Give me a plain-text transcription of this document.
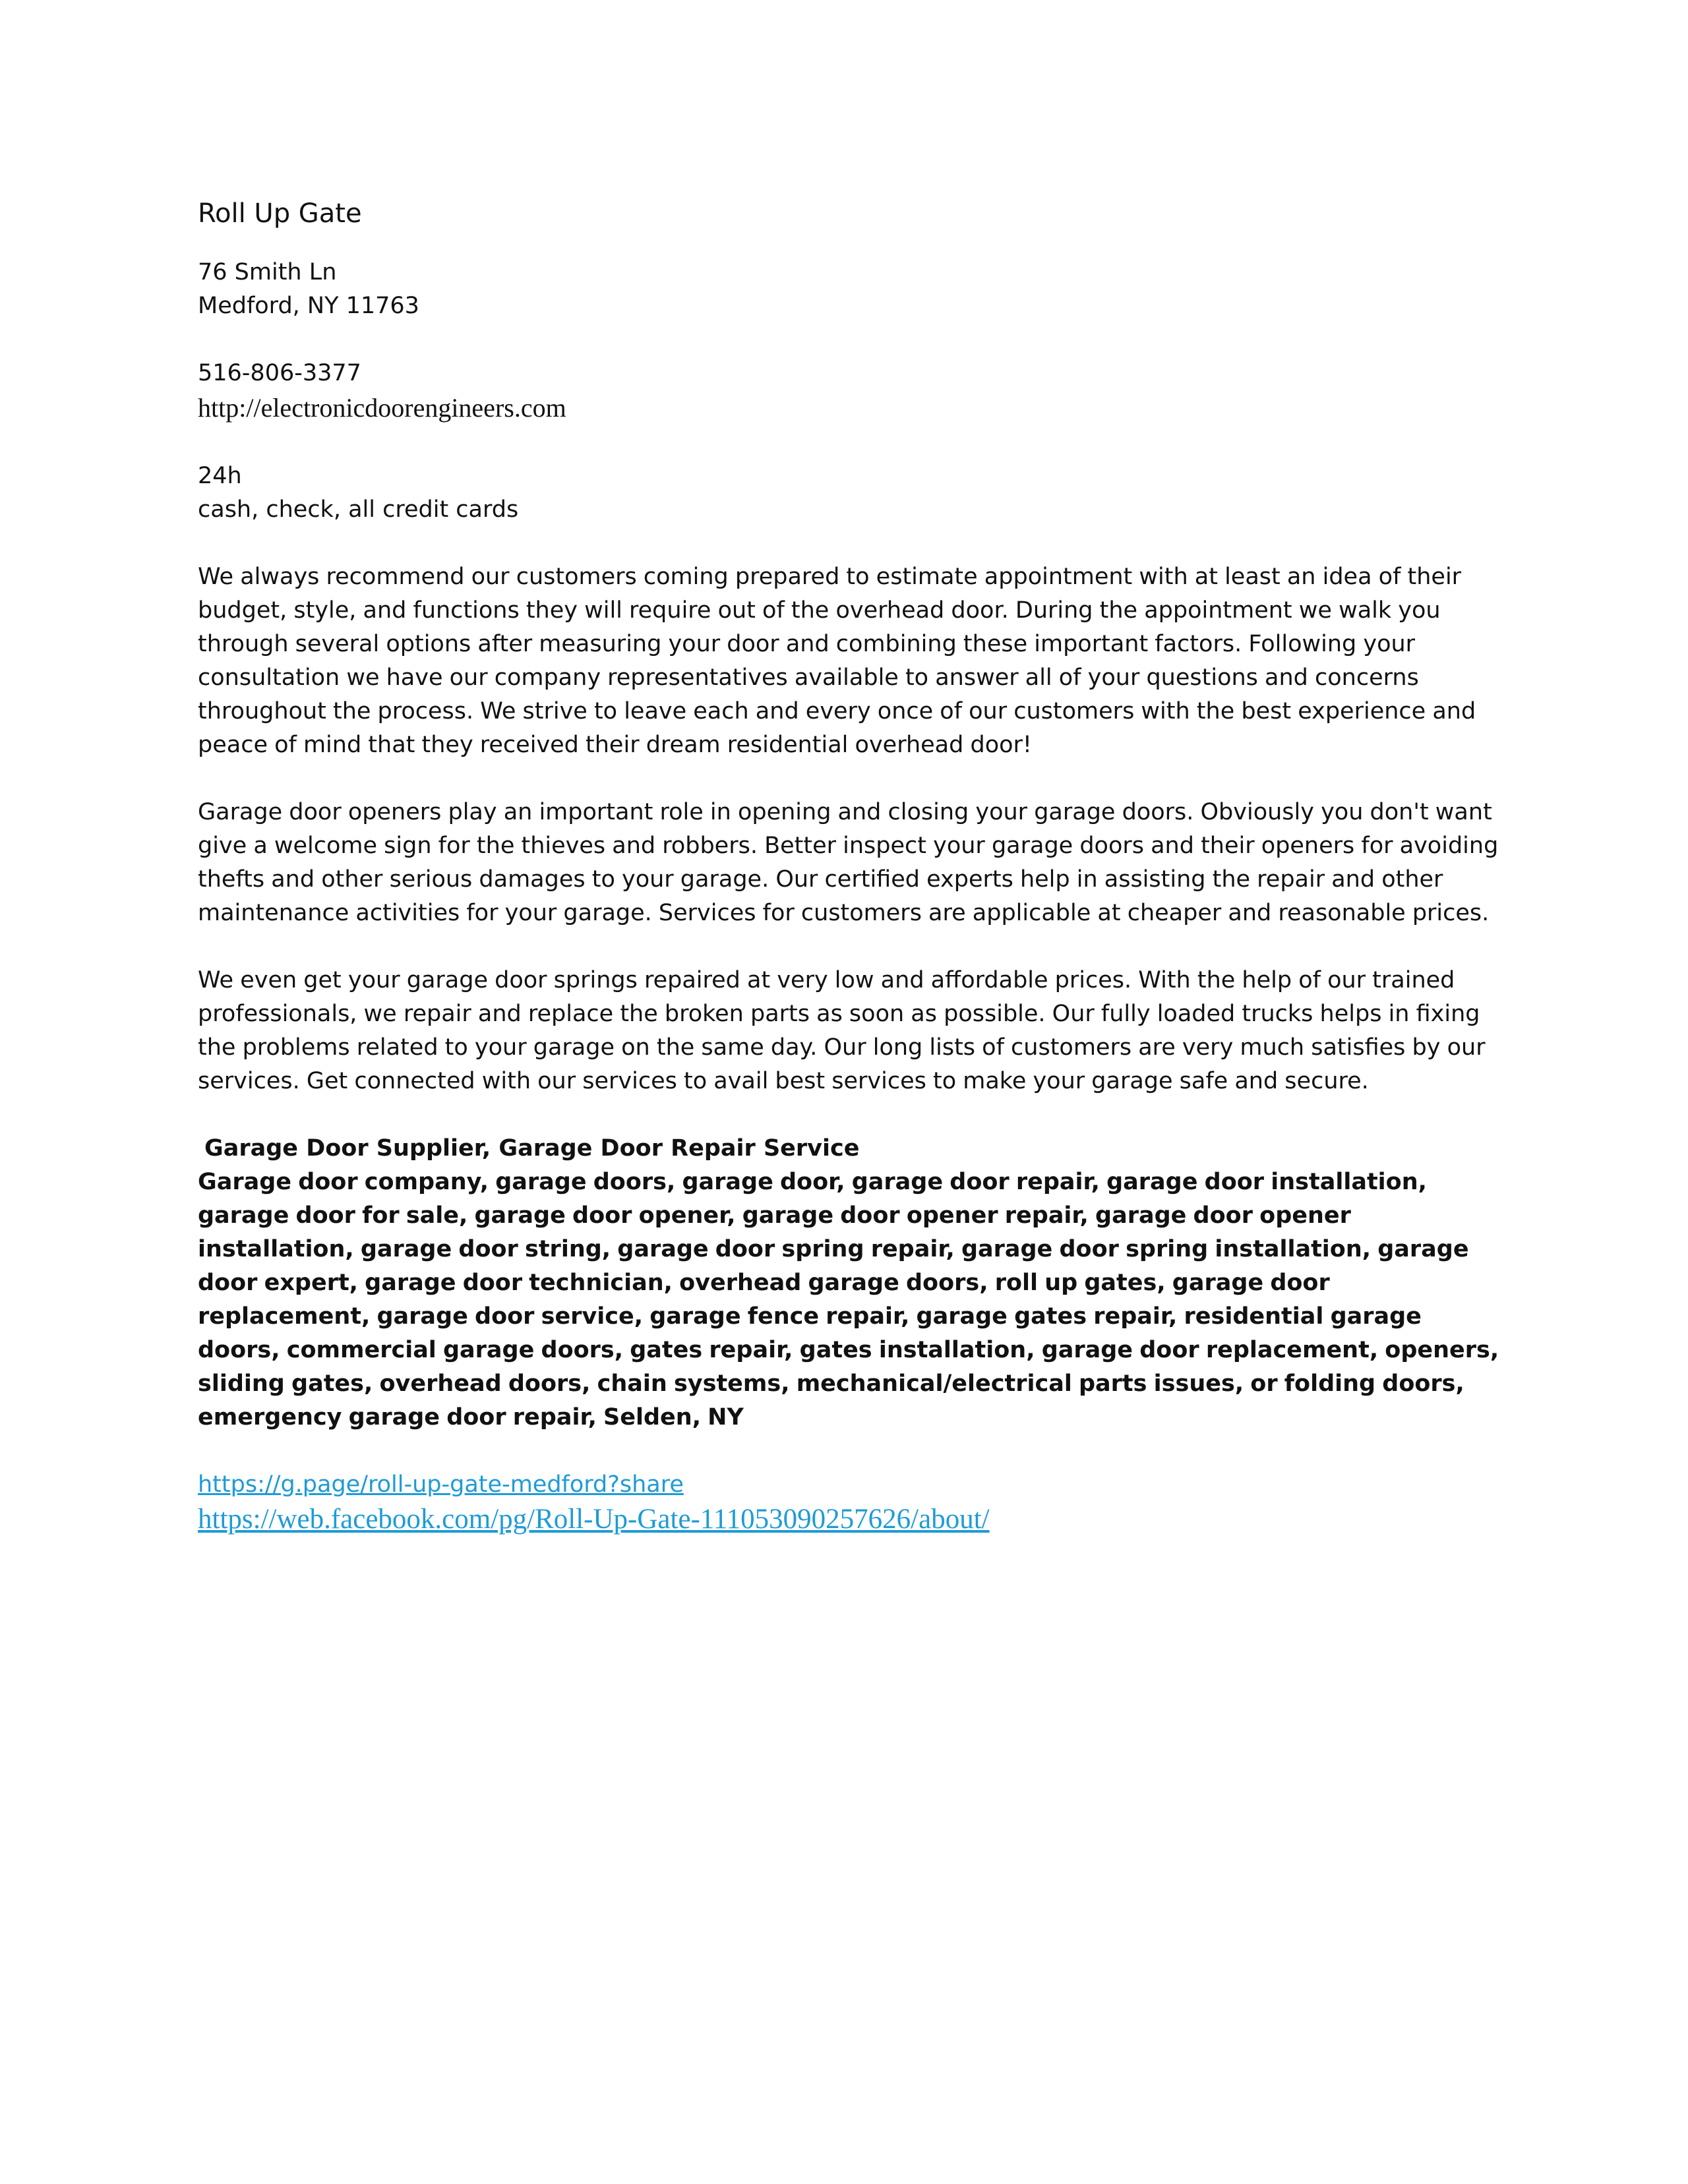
Roll Up Gate
76 Smith Ln
Medford, NY 11763
516-806-3377
http://electronicdoorengineers.com
24h
cash, check, all credit cards

We always recommend our customers coming prepared to estimate appointment with at least an idea of their budget, style, and functions they will require out of the overhead door. During the appointment we walk you through several options after measuring your door and combining these important factors. Following your consultation we have our company representatives available to answer all of your questions and concerns throughout the process. We strive to leave each and every once of our customers with the best experience and peace of mind that they received their dream residential overhead door!

Garage door openers play an important role in opening and closing your garage doors. Obviously you don't want give a welcome sign for the thieves and robbers. Better inspect your garage doors and their openers for avoiding thefts and other serious damages to your garage. Our certified experts help in assisting the repair and other maintenance activities for your garage. Services for customers are applicable at cheaper and reasonable prices.

We even get your garage door springs repaired at very low and affordable prices. With the help of our trained professionals, we repair and replace the broken parts as soon as possible. Our fully loaded trucks helps in fixing the problems related to your garage on the same day. Our long lists of customers are very much satisfies by our services. Get connected with our services to avail best services to make your garage safe and secure.

Garage Door Supplier, Garage Door Repair Service

Garage door company, garage doors, garage door, garage door repair, garage door installation, garage door for sale, garage door opener, garage door opener repair, garage door opener installation, garage door string, garage door spring repair, garage door spring installation, garage door expert, garage door technician, overhead garage doors, roll up gates, garage door replacement, garage door service, garage fence repair, garage gates repair, residential garage doors, commercial garage doors, gates repair, gates installation, garage door replacement, openers, sliding gates, overhead doors, chain systems, mechanical/electrical parts issues, or folding doors, emergency garage door repair, Selden, NY

https://g.page/roll-up-gate-medford?share
https://web.facebook.com/pg/Roll-Up-Gate-111053090257626/about/
